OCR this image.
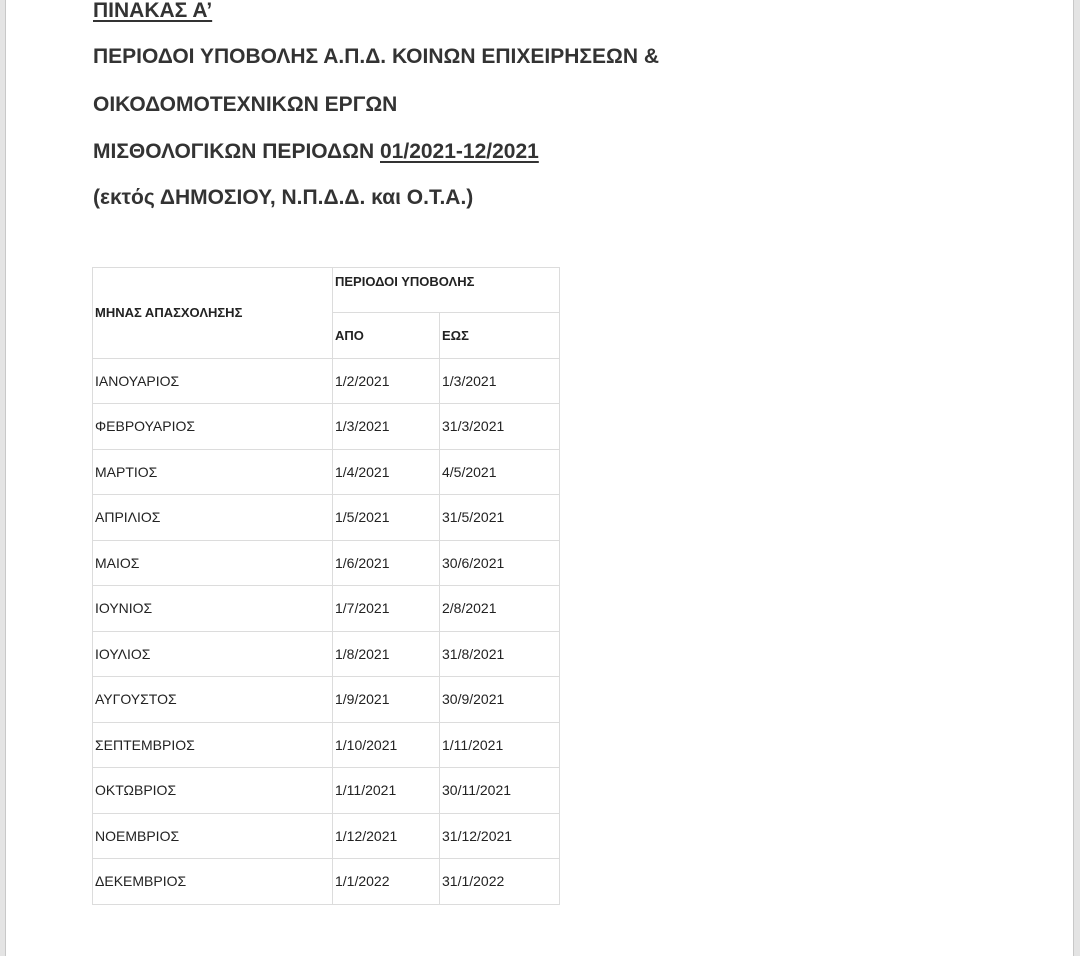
ΠΙΝΑΚΑΣ Α’

ΠΕΡΙΟΔΟΙ ΥΠΟΒΟΛΗΣ Α.Π.Δ. ΚΟΙΝΩΝ ΕΠΙΧΕΙΡΗΣΕΩΝ &

ΟΙΚΟΔΟΜΟΤΕΧΝΙΚΩΝ ΕΡΓΩΝ

ΜΙΣΘΟΛΟΓΙΚΩΝ ΠΕΡΙΟΔΩΝ 01/2021-12/2021

(εκτός ΔΗΜΟΣΙΟΥ, Ν.Π.Δ.Δ. και Ο.Τ.Α.)

ΜΗΝΑΣ ΑΠΑΣΧΟΛΗΣΗΣ	ΠΕΡΙΟΔΟΙ ΥΠΟΒΟΛΗΣ	
	ΑΠΟ	ΕΩΣ
ΙΑΝΟΥΑΡΙΟΣ	1/2/2021	1/3/2021
ΦΕΒΡΟΥΑΡΙΟΣ	1/3/2021	31/3/2021
ΜΑΡΤΙΟΣ	1/4/2021	4/5/2021
ΑΠΡΙΛΙΟΣ	1/5/2021	31/5/2021
ΜΑΙΟΣ	1/6/2021	30/6/2021
ΙΟΥΝΙΟΣ	1/7/2021	2/8/2021
ΙΟΥΛΙΟΣ	1/8/2021	31/8/2021
ΑΥΓΟΥΣΤΟΣ	1/9/2021	30/9/2021
ΣΕΠΤΕΜΒΡΙΟΣ	1/10/2021	1/11/2021
ΟΚΤΩΒΡΙΟΣ	1/11/2021	30/11/2021
ΝΟΕΜΒΡΙΟΣ	1/12/2021	31/12/2021
ΔΕΚΕΜΒΡΙΟΣ	1/1/2022	31/1/2022
